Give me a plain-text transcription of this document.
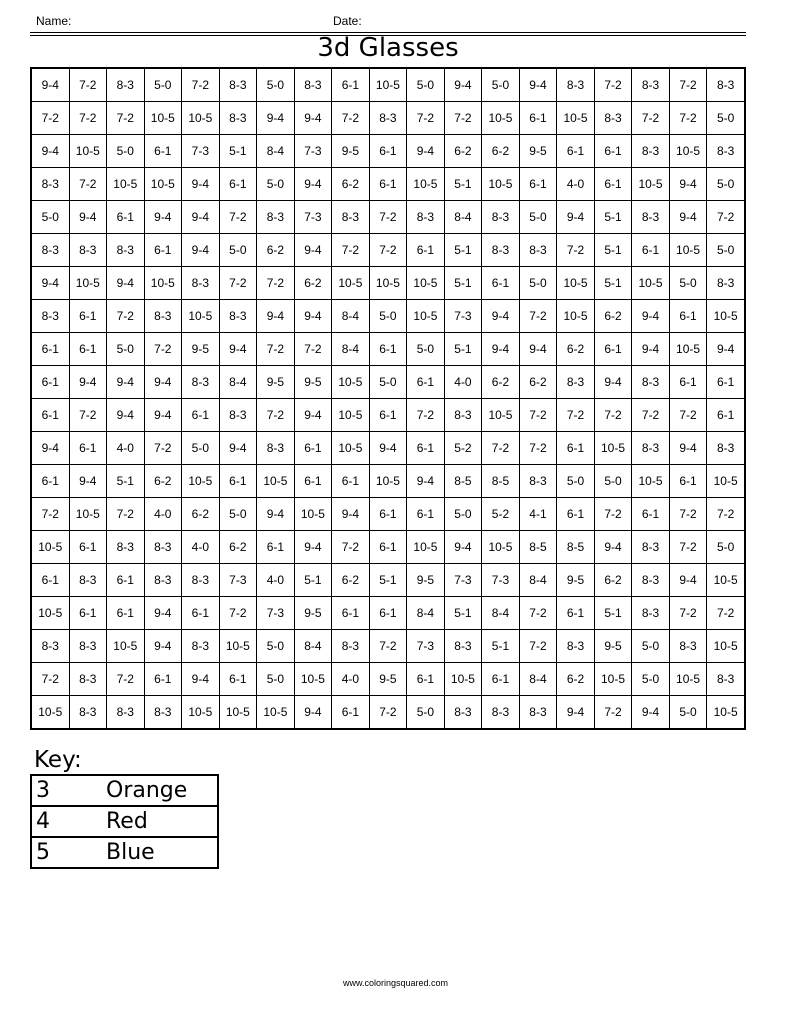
Name:	Date:
3d Glasses
9-4	7-2	8-3	5-0	7-2	8-3	5-0	8-3	6-1	10-5	5-0	9-4	5-0	9-4	8-3	7-2	8-3	7-2	8-3
7-2	7-2	7-2	10-5	10-5	8-3	9-4	9-4	7-2	8-3	7-2	7-2	10-5	6-1	10-5	8-3	7-2	7-2	5-0
9-4	10-5	5-0	6-1	7-3	5-1	8-4	7-3	9-5	6-1	9-4	6-2	6-2	9-5	6-1	6-1	8-3	10-5	8-3
8-3	7-2	10-5	10-5	9-4	6-1	5-0	9-4	6-2	6-1	10-5	5-1	10-5	6-1	4-0	6-1	10-5	9-4	5-0
5-0	9-4	6-1	9-4	9-4	7-2	8-3	7-3	8-3	7-2	8-3	8-4	8-3	5-0	9-4	5-1	8-3	9-4	7-2
8-3	8-3	8-3	6-1	9-4	5-0	6-2	9-4	7-2	7-2	6-1	5-1	8-3	8-3	7-2	5-1	6-1	10-5	5-0
9-4	10-5	9-4	10-5	8-3	7-2	7-2	6-2	10-5	10-5	10-5	5-1	6-1	5-0	10-5	5-1	10-5	5-0	8-3
8-3	6-1	7-2	8-3	10-5	8-3	9-4	9-4	8-4	5-0	10-5	7-3	9-4	7-2	10-5	6-2	9-4	6-1	10-5
6-1	6-1	5-0	7-2	9-5	9-4	7-2	7-2	8-4	6-1	5-0	5-1	9-4	9-4	6-2	6-1	9-4	10-5	9-4
6-1	9-4	9-4	9-4	8-3	8-4	9-5	9-5	10-5	5-0	6-1	4-0	6-2	6-2	8-3	9-4	8-3	6-1	6-1
6-1	7-2	9-4	9-4	6-1	8-3	7-2	9-4	10-5	6-1	7-2	8-3	10-5	7-2	7-2	7-2	7-2	7-2	6-1
9-4	6-1	4-0	7-2	5-0	9-4	8-3	6-1	10-5	9-4	6-1	5-2	7-2	7-2	6-1	10-5	8-3	9-4	8-3
6-1	9-4	5-1	6-2	10-5	6-1	10-5	6-1	6-1	10-5	9-4	8-5	8-5	8-3	5-0	5-0	10-5	6-1	10-5
7-2	10-5	7-2	4-0	6-2	5-0	9-4	10-5	9-4	6-1	6-1	5-0	5-2	4-1	6-1	7-2	6-1	7-2	7-2
10-5	6-1	8-3	8-3	4-0	6-2	6-1	9-4	7-2	6-1	10-5	9-4	10-5	8-5	8-5	9-4	8-3	7-2	5-0
6-1	8-3	6-1	8-3	8-3	7-3	4-0	5-1	6-2	5-1	9-5	7-3	7-3	8-4	9-5	6-2	8-3	9-4	10-5
10-5	6-1	6-1	9-4	6-1	7-2	7-3	9-5	6-1	6-1	8-4	5-1	8-4	7-2	6-1	5-1	8-3	7-2	7-2
8-3	8-3	10-5	9-4	8-3	10-5	5-0	8-4	8-3	7-2	7-3	8-3	5-1	7-2	8-3	9-5	5-0	8-3	10-5
7-2	8-3	7-2	6-1	9-4	6-1	5-0	10-5	4-0	9-5	6-1	10-5	6-1	8-4	6-2	10-5	5-0	10-5	8-3
10-5	8-3	8-3	8-3	10-5	10-5	10-5	9-4	6-1	7-2	5-0	8-3	8-3	8-3	9-4	7-2	9-4	5-0	10-5
Key:
3	Orange
4	Red
5	Blue
www.coloringsquared.com
